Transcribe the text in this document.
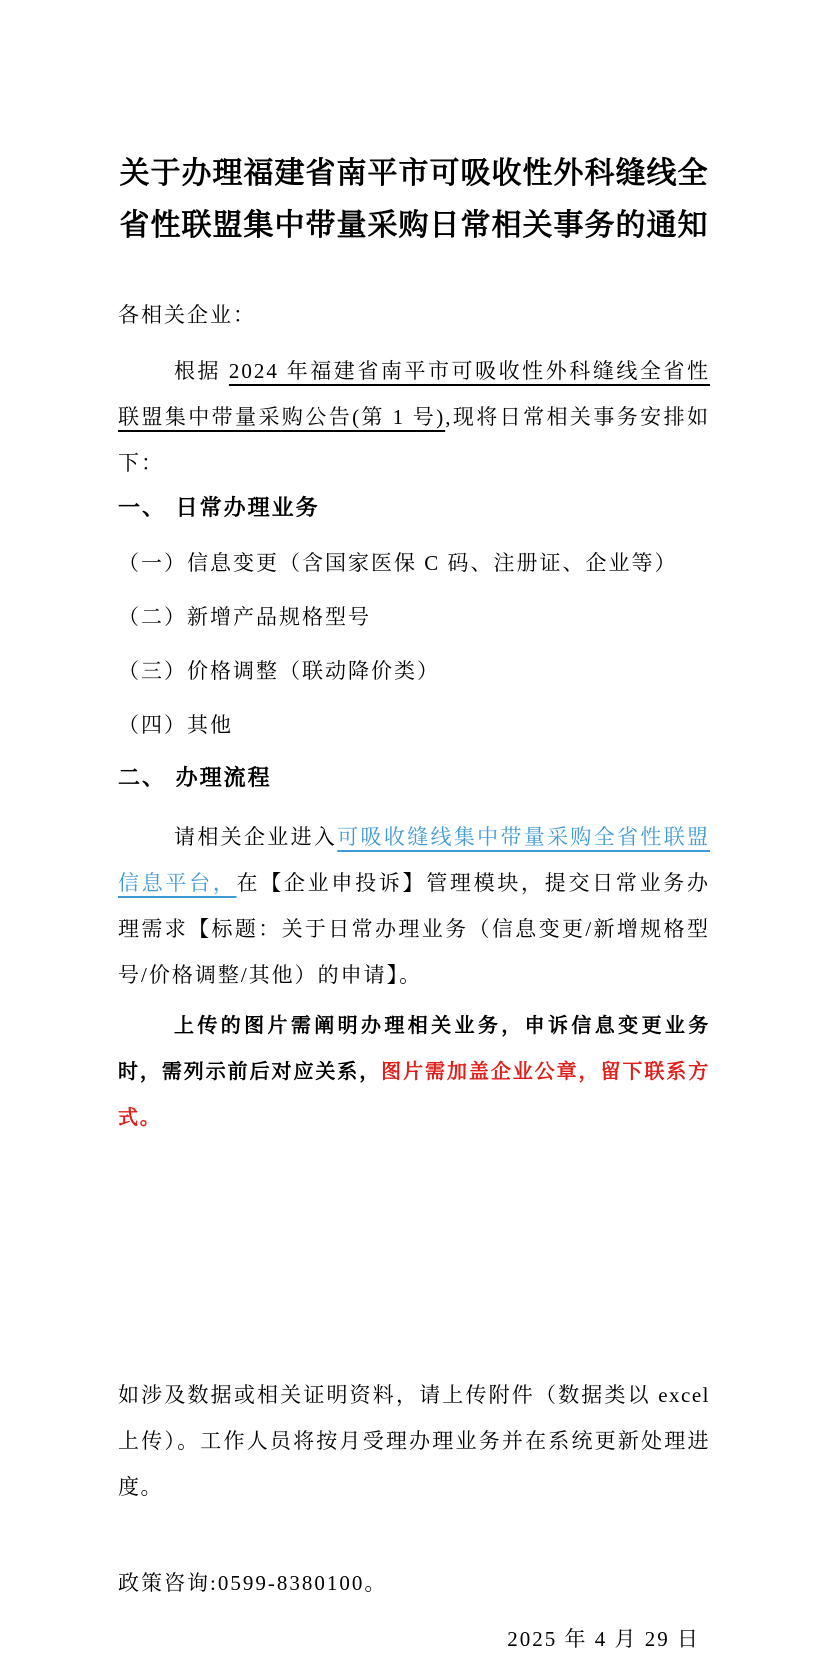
关于办理福建省南平市可吸收性外科缝线全省性联盟集中带量采购日常相关事务的通知

各相关企业：

根据 2024 年福建省南平市可吸收性外科缝线全省性联盟集中带量采购公告(第 1 号),现将日常相关事务安排如下：

一、 日常办理业务

（一）信息变更（含国家医保 C 码、注册证、企业等）

（二）新增产品规格型号

（三）价格调整（联动降价类）

（四）其他

二、 办理流程

请相关企业进入可吸收缝线集中带量采购全省性联盟信息平台，在【企业申投诉】管理模块，提交日常业务办理需求【标题：关于日常办理业务（信息变更/新增规格型号/价格调整/其他）的申请】。

上传的图片需阐明办理相关业务，申诉信息变更业务时，需列示前后对应关系，图片需加盖企业公章，留下联系方式。

如涉及数据或相关证明资料，请上传附件（数据类以 excel 上传）。工作人员将按月受理办理业务并在系统更新处理进度。

政策咨询:0599-8380100。

2025 年 4 月 29 日
